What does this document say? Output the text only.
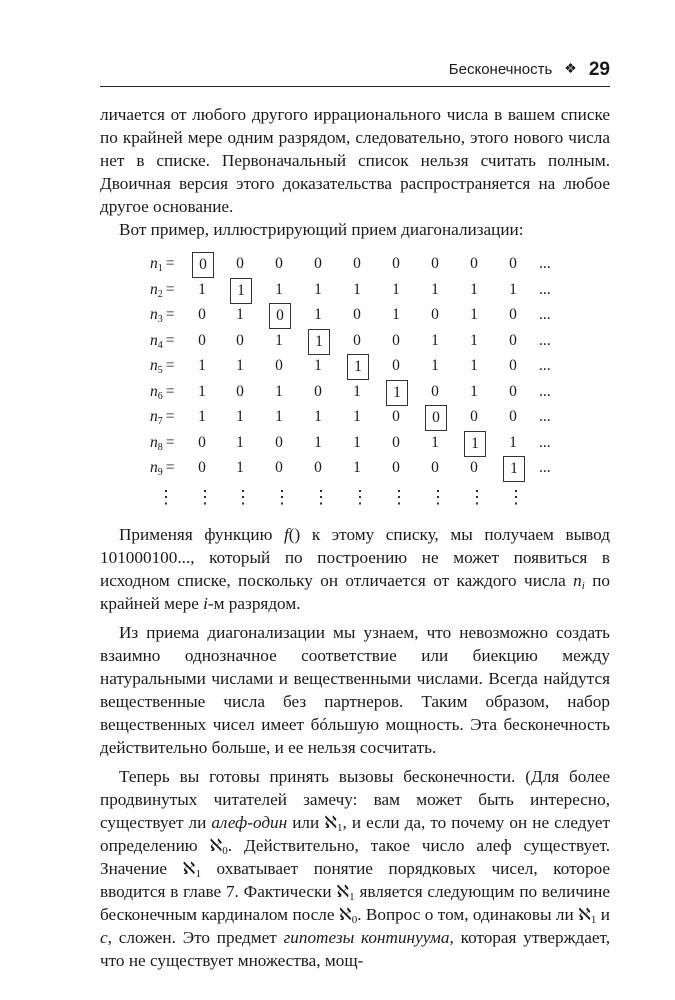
Бесконечность ❖ 29

личается от любого другого иррационального числа в вашем списке по крайней мере одним разрядом, следовательно, этого нового числа нет в списке. Первоначальный список нельзя считать полным. Двоичная версия этого доказательства распространяется на любое другое основание.

Вот пример, иллюстрирующий прием диагонализации:

$n_1$ =	0	0	0	0	0	0	0	0	0	...
$n_2$ =	1	1	1	1	1	1	1	1	1	...
$n_3$ =	0	1	0	1	0	1	0	1	0	...
$n_4$ =	0	0	1	1	0	0	1	1	0	...
$n_5$ =	1	1	0	1	1	0	1	1	0	...
$n_6$ =	1	0	1	0	1	1	0	1	0	...
$n_7$ =	1	1	1	1	1	0	0	0	0	...
$n_8$ =	0	1	0	1	1	0	1	1	1	...
$n_9$ =	0	1	0	0	1	0	0	0	1	...
⋮ ⋮ ⋮ ⋮ ⋮ ⋮ ⋮ ⋮ ⋮ ⋮

Применяя функцию f() к этому списку, мы получаем вывод 101000100..., который по построению не может появиться в исходном списке, поскольку он отличается от каждого числа $n_i$ по крайней мере i-м разрядом.

Из приема диагонализации мы узнаем, что невозможно создать взаимно однозначное соответствие или биекцию между натуральными числами и вещественными числами. Всегда найдутся вещественные числа без партнеров. Таким образом, набор вещественных чисел имеет бóльшую мощность. Эта бесконечность действительно больше, и ее нельзя сосчитать.

Теперь вы готовы принять вызовы бесконечности. (Для более продвинутых читателей замечу: вам может быть интересно, существует ли алеф-один или ℵ$_1$, и если да, то почему он не следует определению ℵ$_0$. Действительно, такое число алеф существует. Значение ℵ$_1$ охватывает понятие порядковых чисел, которое вводится в главе 7. Фактически ℵ$_1$ является следующим по величине бесконечным кардиналом после ℵ$_0$. Вопрос о том, одинаковы ли ℵ$_1$ и c, сложен. Это предмет гипотезы континуума, которая утверждает, что не существует множества, мощ-
